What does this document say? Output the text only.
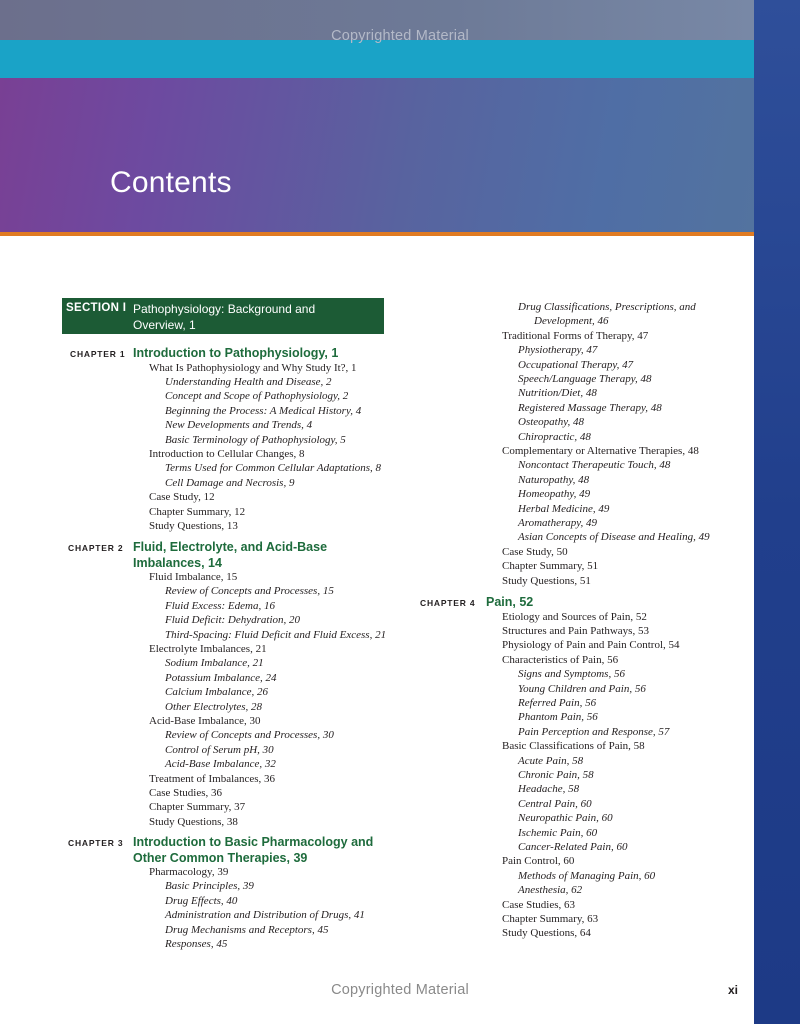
Copyrighted Material
Contents
SECTION I Pathophysiology: Background and
Overview, 1
CHAPTER 1 Introduction to Pathophysiology, 1
What Is Pathophysiology and Why Study It?, 1
Understanding Health and Disease, 2
Concept and Scope of Pathophysiology, 2
Beginning the Process: A Medical History, 4
New Developments and Trends, 4
Basic Terminology of Pathophysiology, 5
Introduction to Cellular Changes, 8
Terms Used for Common Cellular Adaptations, 8
Cell Damage and Necrosis, 9
Case Study, 12
Chapter Summary, 12
Study Questions, 13
CHAPTER 2 Fluid, Electrolyte, and Acid-Base
Imbalances, 14
Fluid Imbalance, 15
Review of Concepts and Processes, 15
Fluid Excess: Edema, 16
Fluid Deficit: Dehydration, 20
Third-Spacing: Fluid Deficit and Fluid Excess, 21
Electrolyte Imbalances, 21
Sodium Imbalance, 21
Potassium Imbalance, 24
Calcium Imbalance, 26
Other Electrolytes, 28
Acid-Base Imbalance, 30
Review of Concepts and Processes, 30
Control of Serum pH, 30
Acid-Base Imbalance, 32
Treatment of Imbalances, 36
Case Studies, 36
Chapter Summary, 37
Study Questions, 38
CHAPTER 3 Introduction to Basic Pharmacology and
Other Common Therapies, 39
Pharmacology, 39
Basic Principles, 39
Drug Effects, 40
Administration and Distribution of Drugs, 41
Drug Mechanisms and Receptors, 45
Responses, 45
Drug Classifications, Prescriptions, and
Development, 46
Traditional Forms of Therapy, 47
Physiotherapy, 47
Occupational Therapy, 47
Speech/Language Therapy, 48
Nutrition/Diet, 48
Registered Massage Therapy, 48
Osteopathy, 48
Chiropractic, 48
Complementary or Alternative Therapies, 48
Noncontact Therapeutic Touch, 48
Naturopathy, 48
Homeopathy, 49
Herbal Medicine, 49
Aromatherapy, 49
Asian Concepts of Disease and Healing, 49
Case Study, 50
Chapter Summary, 51
Study Questions, 51
CHAPTER 4 Pain, 52
Etiology and Sources of Pain, 52
Structures and Pain Pathways, 53
Physiology of Pain and Pain Control, 54
Characteristics of Pain, 56
Signs and Symptoms, 56
Young Children and Pain, 56
Referred Pain, 56
Phantom Pain, 56
Pain Perception and Response, 57
Basic Classifications of Pain, 58
Acute Pain, 58
Chronic Pain, 58
Headache, 58
Central Pain, 60
Neuropathic Pain, 60
Ischemic Pain, 60
Cancer-Related Pain, 60
Pain Control, 60
Methods of Managing Pain, 60
Anesthesia, 62
Case Studies, 63
Chapter Summary, 63
Study Questions, 64
Copyrighted Material	xi
